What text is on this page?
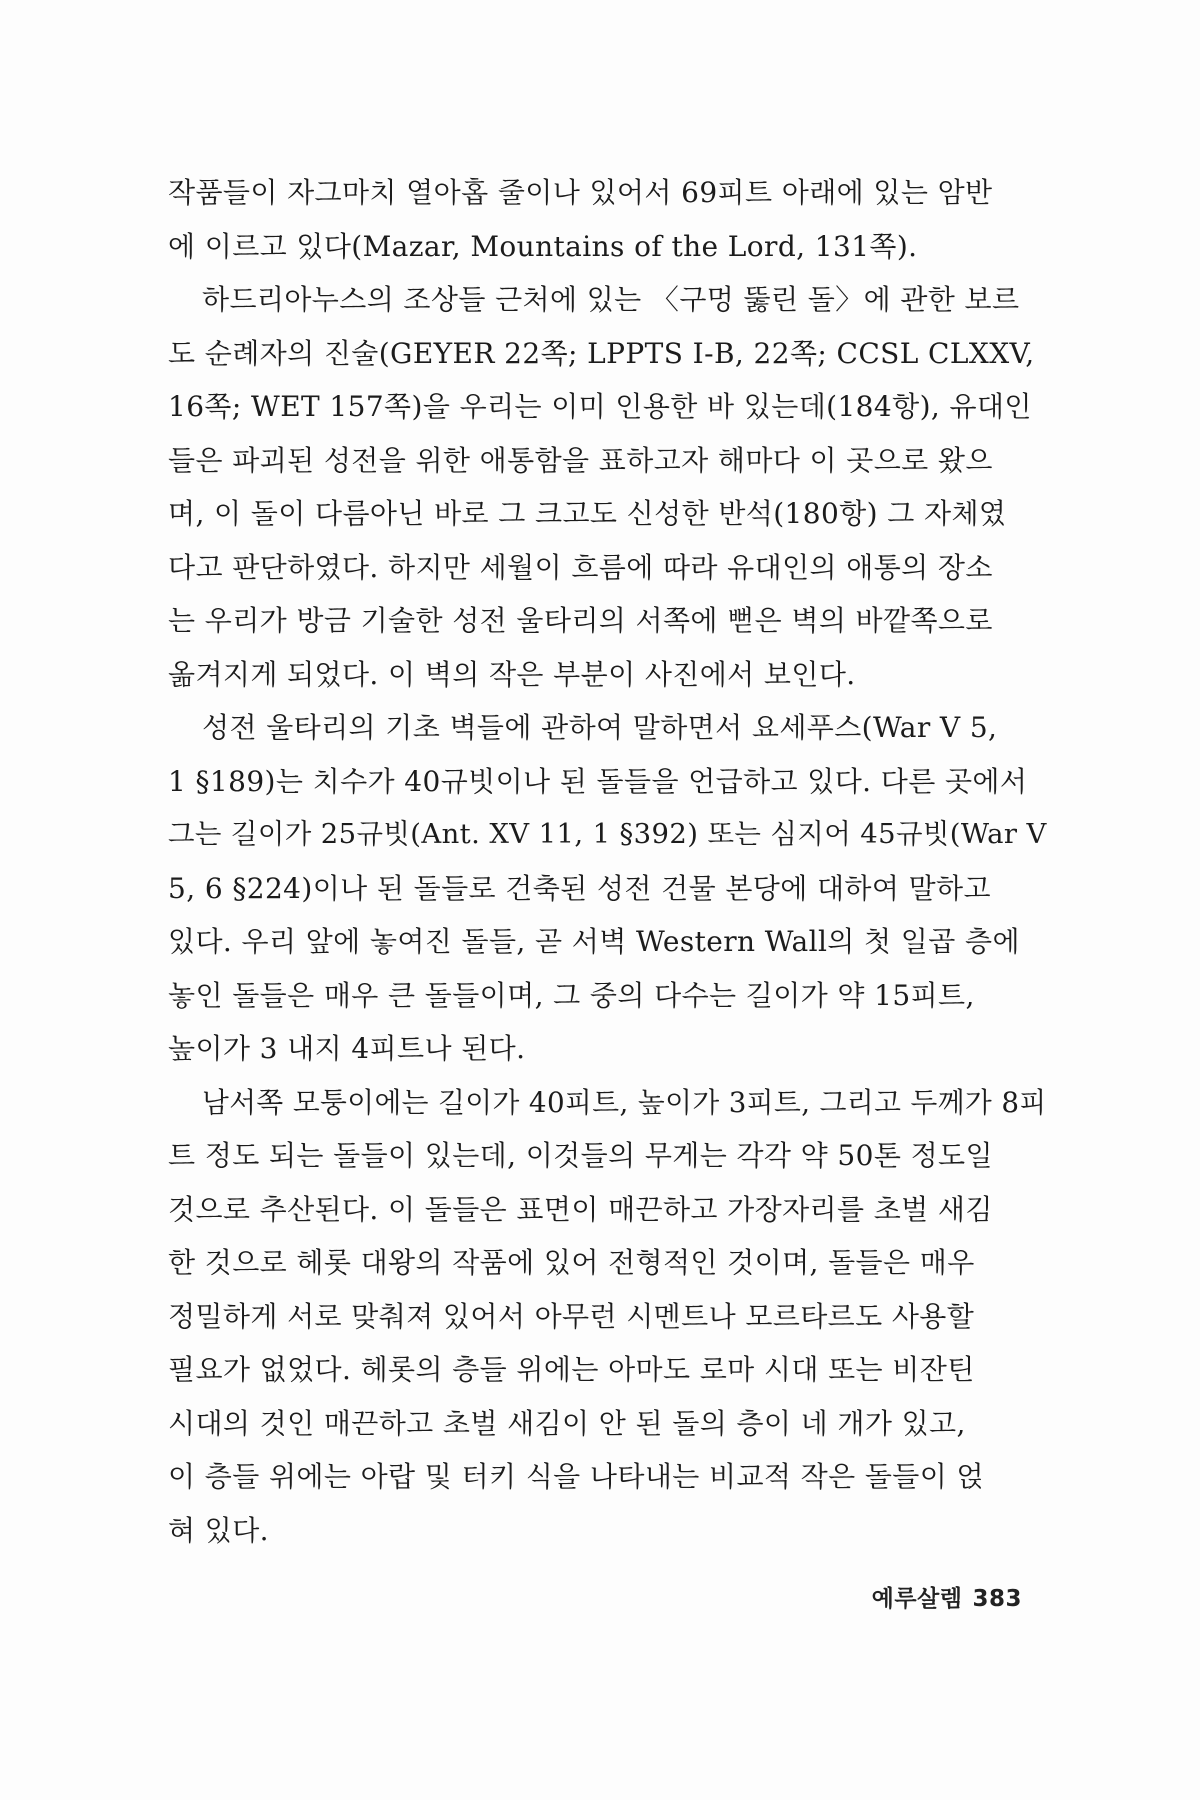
작품들이 자그마치 열아홉 줄이나 있어서 69피트 아래에 있는 암반
에 이르고 있다(Mazar, Mountains of the Lord, 131쪽).
하드리아누스의 조상들 근처에 있는 〈구멍 뚫린 돌〉에 관한 보르
도 순례자의 진술(GEYER 22쪽; LPPTS I-B, 22쪽; CCSL CLXXV,
16쪽; WET 157쪽)을 우리는 이미 인용한 바 있는데(184항), 유대인
들은 파괴된 성전을 위한 애통함을 표하고자 해마다 이 곳으로 왔으
며, 이 돌이 다름아닌 바로 그 크고도 신성한 반석(180항) 그 자체였
다고 판단하였다. 하지만 세월이 흐름에 따라 유대인의 애통의 장소
는 우리가 방금 기술한 성전 울타리의 서쪽에 뻗은 벽의 바깥쪽으로
옮겨지게 되었다. 이 벽의 작은 부분이 사진에서 보인다.
성전 울타리의 기초 벽들에 관하여 말하면서 요세푸스(War V 5,
1 §189)는 치수가 40규빗이나 된 돌들을 언급하고 있다. 다른 곳에서
그는 길이가 25규빗(Ant. XV 11, 1 §392) 또는 심지어 45규빗(War V
5, 6 §224)이나 된 돌들로 건축된 성전 건물 본당에 대하여 말하고
있다. 우리 앞에 놓여진 돌들, 곧 서벽 Western Wall의 첫 일곱 층에
놓인 돌들은 매우 큰 돌들이며, 그 중의 다수는 길이가 약 15피트,
높이가 3 내지 4피트나 된다.
남서쪽 모퉁이에는 길이가 40피트, 높이가 3피트, 그리고 두께가 8피
트 정도 되는 돌들이 있는데, 이것들의 무게는 각각 약 50톤 정도일
것으로 추산된다. 이 돌들은 표면이 매끈하고 가장자리를 초벌 새김
한 것으로 헤롯 대왕의 작품에 있어 전형적인 것이며, 돌들은 매우
정밀하게 서로 맞춰져 있어서 아무런 시멘트나 모르타르도 사용할
필요가 없었다. 헤롯의 층들 위에는 아마도 로마 시대 또는 비잔틴
시대의 것인 매끈하고 초벌 새김이 안 된 돌의 층이 네 개가 있고,
이 층들 위에는 아랍 및 터키 식을 나타내는 비교적 작은 돌들이 얹
혀 있다.
예루살렘 383
